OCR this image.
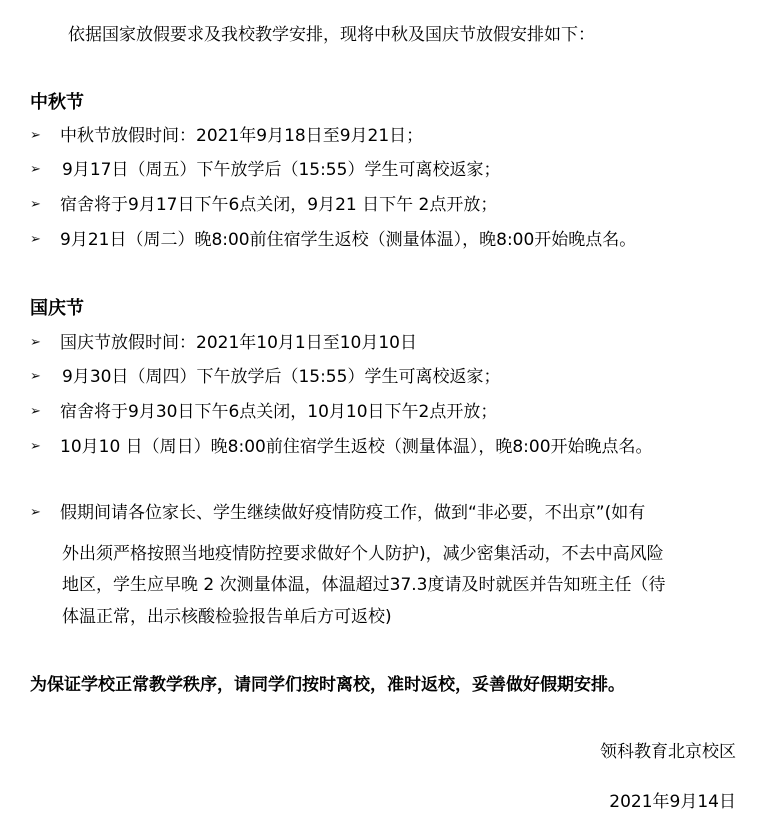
依据国家放假要求及我校教学安排，现将中秋及国庆节放假安排如下：
中秋节
➢ 中秋节放假时间：2021年9月18日至9月21日；
➢ 9月17日（周五）下午放学后（15:55）学生可离校返家；
➢ 宿舍将于9月17日下午6点关闭，9月21 日下午 2点开放；
➢ 9月21日（周二）晚8:00前住宿学生返校（测量体温），晚8:00开始晚点名。
国庆节
➢ 国庆节放假时间：2021年10月1日至10月10日
➢ 9月30日（周四）下午放学后（15:55）学生可离校返家；
➢ 宿舍将于9月30日下午6点关闭，10月10日下午2点开放；
➢ 10月10 日（周日）晚8:00前住宿学生返校（测量体温），晚8:00开始晚点名。
➢ 假期间请各位家长、学生继续做好疫情防疫工作，做到“非必要，不出京”(如有
外出须严格按照当地疫情防控要求做好个人防护)，减少密集活动，不去中高风险
地区，学生应早晚 2 次测量体温，体温超过37.3度请及时就医并告知班主任（待
体温正常，出示核酸检验报告单后方可返校)
为保证学校正常教学秩序，请同学们按时离校，准时返校，妥善做好假期安排。
领科教育北京校区
2021年9月14日
